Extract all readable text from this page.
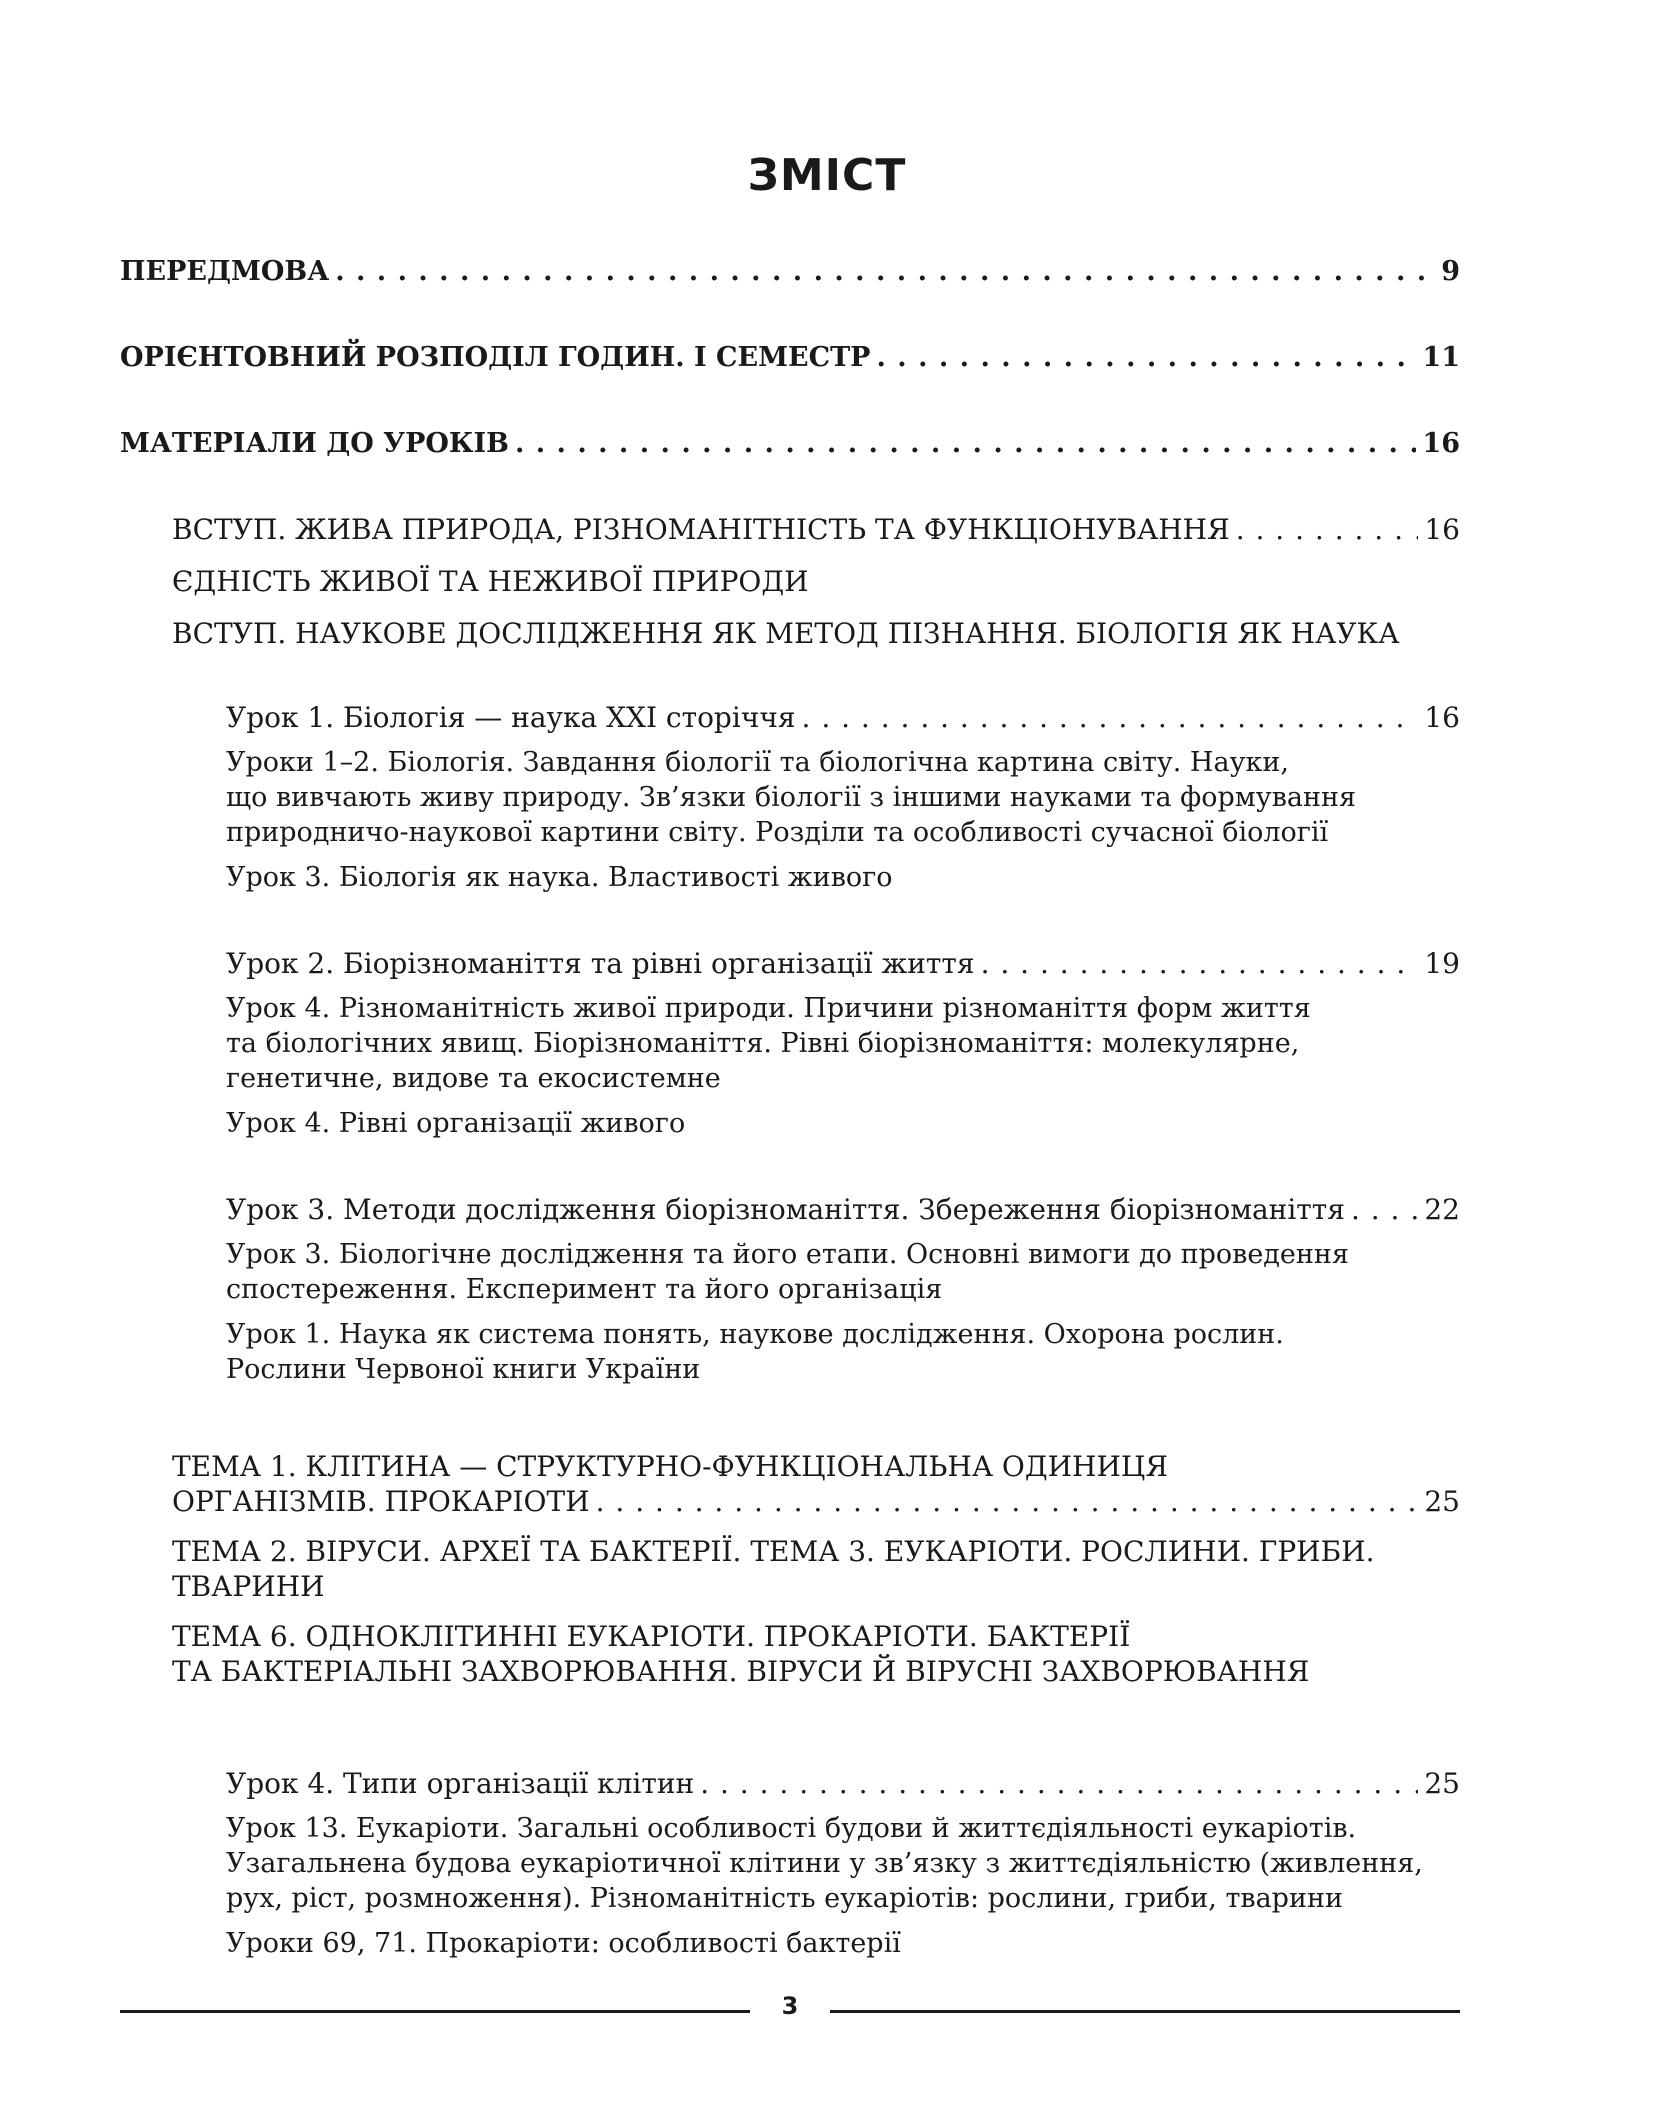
ЗМІСТ
ПЕРЕДМОВА . . .	9
ОРІЄНТОВНИЙ РОЗПОДІЛ ГОДИН. І СЕМЕСТР . . .	11
МАТЕРІАЛИ ДО УРОКІВ . . .	16
ВСТУП. ЖИВА ПРИРОДА, РІЗНОМАНІТНІСТЬ ТА ФУНКЦІОНУВАННЯ . . .	16
ЄДНІСТЬ ЖИВОЇ ТА НЕЖИВОЇ ПРИРОДИ
ВСТУП. НАУКОВЕ ДОСЛІДЖЕННЯ ЯК МЕТОД ПІЗНАННЯ. БІОЛОГІЯ ЯК НАУКА
Урок 1. Біологія — наука XXI сторіччя . . .	16
Уроки 1–2. Біологія. Завдання біології та біологічна картина світу. Науки,
що вивчають живу природу. Зв’язки біології з іншими науками та формування
природничо-наукової картини світу. Розділи та особливості сучасної біології
Урок 3. Біологія як наука. Властивості живого
Урок 2. Біорізноманіття та рівні організації життя . . .	19
Урок 4. Різноманітність живої природи. Причини різноманіття форм життя
та біологічних явищ. Біорізноманіття. Рівні біорізноманіття: молекулярне,
генетичне, видове та екосистемне
Урок 4. Рівні організації живого
Урок 3. Методи дослідження біорізноманіття. Збереження біорізноманіття . . .	22
Урок 3. Біологічне дослідження та його етапи. Основні вимоги до проведення
спостереження. Експеримент та його організація
Урок 1. Наука як система понять, наукове дослідження. Охорона рослин.
Рослини Червоної книги України
ТЕМА 1. КЛІТИНА — СТРУКТУРНО-ФУНКЦІОНАЛЬНА ОДИНИЦЯ
ОРГАНІЗМІВ. ПРОКАРІОТИ . . .	25
ТЕМА 2. ВІРУСИ. АРХЕЇ ТА БАКТЕРІЇ. ТЕМА 3. ЕУКАРІОТИ. РОСЛИНИ. ГРИБИ.
ТВАРИНИ
ТЕМА 6. ОДНОКЛІТИННІ ЕУКАРІОТИ. ПРОКАРІОТИ. БАКТЕРІЇ
ТА БАКТЕРІАЛЬНІ ЗАХВОРЮВАННЯ. ВІРУСИ Й ВІРУСНІ ЗАХВОРЮВАННЯ
Урок 4. Типи організації клітин . . .	25
Урок 13. Еукаріоти. Загальні особливості будови й життєдіяльності еукаріотів.
Узагальнена будова еукаріотичної клітини у зв’язку з життєдіяльністю (живлення,
рух, ріст, розмноження). Різноманітність еукаріотів: рослини, гриби, тварини
Уроки 69, 71. Прокаріоти: особливості бактерії
3
